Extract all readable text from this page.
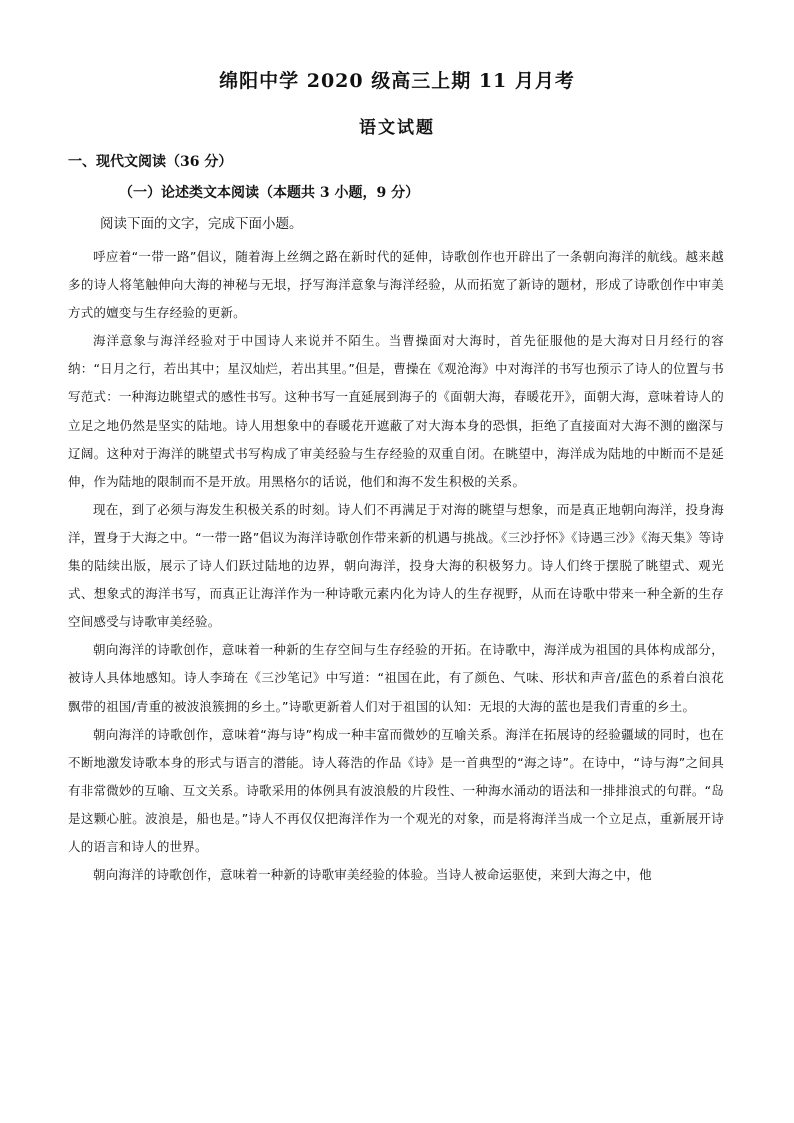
绵阳中学 2020 级高三上期 11 月月考
语文试题
一、现代文阅读（36 分）
（一）论述类文本阅读（本题共 3 小题，9 分）
阅读下面的文字，完成下面小题。

呼应着“一带一路”倡议，随着海上丝绸之路在新时代的延伸，诗歌创作也开辟出了一条朝向海洋的航线。越来越多的诗人将笔触伸向大海的神秘与无垠，抒写海洋意象与海洋经验，从而拓宽了新诗的题材，形成了诗歌创作中审美方式的嬗变与生存经验的更新。

海洋意象与海洋经验对于中国诗人来说并不陌生。当曹操面对大海时，首先征服他的是大海对日月经行的容纳：“日月之行，若出其中；星汉灿烂，若出其里。”但是，曹操在《观沧海》中对海洋的书写也预示了诗人的位置与书写范式：一种海边眺望式的感性书写。这种书写一直延展到海子的《面朝大海，春暖花开》，面朝大海，意味着诗人的立足之地仍然是坚实的陆地。诗人用想象中的春暖花开遮蔽了对大海本身的恐惧，拒绝了直接面对大海不测的幽深与辽阔。这种对于海洋的眺望式书写构成了审美经验与生存经验的双重自闭。在眺望中，海洋成为陆地的中断而不是延伸，作为陆地的限制而不是开放。用黑格尔的话说，他们和海不发生积极的关系。

现在，到了必须与海发生积极关系的时刻。诗人们不再满足于对海的眺望与想象，而是真正地朝向海洋，投身海洋，置身于大海之中。“一带一路”倡议为海洋诗歌创作带来新的机遇与挑战。《三沙抒怀》《诗遇三沙》《海天集》等诗集的陆续出版，展示了诗人们跃过陆地的边界，朝向海洋，投身大海的积极努力。诗人们终于摆脱了眺望式、观光式、想象式的海洋书写，而真正让海洋作为一种诗歌元素内化为诗人的生存视野，从而在诗歌中带来一种全新的生存空间感受与诗歌审美经验。

朝向海洋的诗歌创作，意味着一种新的生存空间与生存经验的开拓。在诗歌中，海洋成为祖国的具体构成部分，被诗人具体地感知。诗人李琦在《三沙笔记》中写道：“祖国在此，有了颜色、气味、形状和声音/蓝色的系着白浪花飘带的祖国/青重的被波浪簇拥的乡土。”诗歌更新着人们对于祖国的认知：无垠的大海的蓝也是我们青重的乡土。

朝向海洋的诗歌创作，意味着“海与诗”构成一种丰富而微妙的互喻关系。海洋在拓展诗的经验疆域的同时，也在不断地激发诗歌本身的形式与语言的潜能。诗人蒋浩的作品《诗》是一首典型的“海之诗”。在诗中，“诗与海”之间具有非常微妙的互喻、互文关系。诗歌采用的体例具有波浪般的片段性、一种海水涌动的语法和一排排浪式的句群。“岛是这颗心脏。波浪是，船也是。”诗人不再仅仅把海洋作为一个观光的对象，而是将海洋当成一个立足点，重新展开诗人的语言和诗人的世界。

朝向海洋的诗歌创作，意味着一种新的诗歌审美经验的体验。当诗人被命运驱使，来到大海之中，他
